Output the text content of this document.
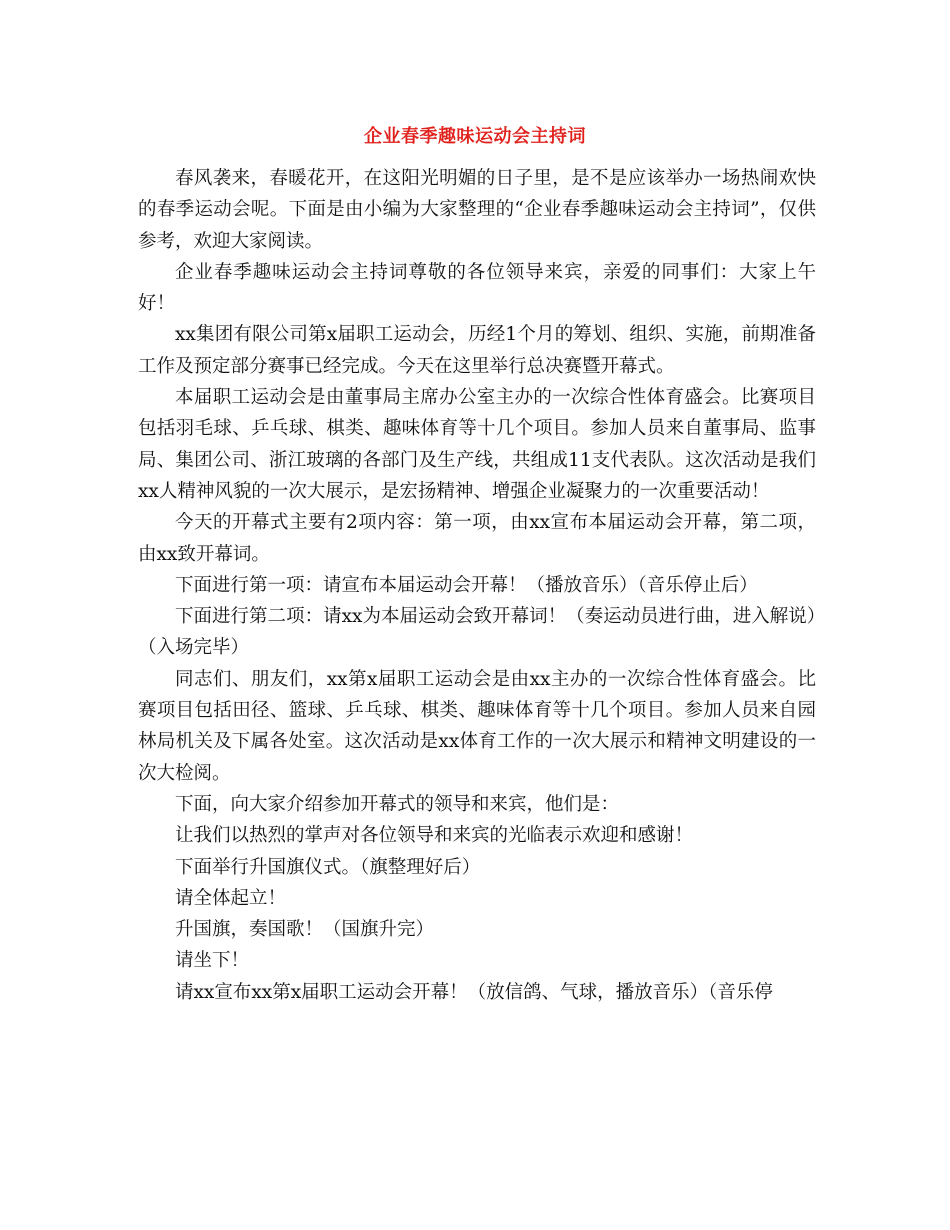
企业春季趣味运动会主持词

春风袭来，春暖花开，在这阳光明媚的日子里，是不是应该举办一场热闹欢快的春季运动会呢。下面是由小编为大家整理的“企业春季趣味运动会主持词”，仅供参考，欢迎大家阅读。

企业春季趣味运动会主持词尊敬的各位领导来宾，亲爱的同事们：大家上午好！

xx集团有限公司第x届职工运动会，历经1个月的筹划、组织、实施，前期准备工作及预定部分赛事已经完成。今天在这里举行总决赛暨开幕式。

本届职工运动会是由董事局主席办公室主办的一次综合性体育盛会。比赛项目包括羽毛球、乒乓球、棋类、趣味体育等十几个项目。参加人员来自董事局、监事局、集团公司、浙江玻璃的各部门及生产线，共组成11支代表队。这次活动是我们xx人精神风貌的一次大展示，是宏扬精神、增强企业凝聚力的一次重要活动！

今天的开幕式主要有2项内容：第一项，由xx宣布本届运动会开幕，第二项，由xx致开幕词。

下面进行第一项：请宣布本届运动会开幕！（播放音乐）（音乐停止后）

下面进行第二项：请xx为本届运动会致开幕词！（奏运动员进行曲，进入解说）（入场完毕）

同志们、朋友们，xx第x届职工运动会是由xx主办的一次综合性体育盛会。比赛项目包括田径、篮球、乒乓球、棋类、趣味体育等十几个项目。参加人员来自园林局机关及下属各处室。这次活动是xx体育工作的一次大展示和精神文明建设的一次大检阅。

下面，向大家介绍参加开幕式的领导和来宾，他们是：

让我们以热烈的掌声对各位领导和来宾的光临表示欢迎和感谢！

下面举行升国旗仪式。（旗整理好后）

请全体起立！

升国旗，奏国歌！（国旗升完）

请坐下！

请xx宣布xx第x届职工运动会开幕！（放信鸽、气球，播放音乐）（音乐停
